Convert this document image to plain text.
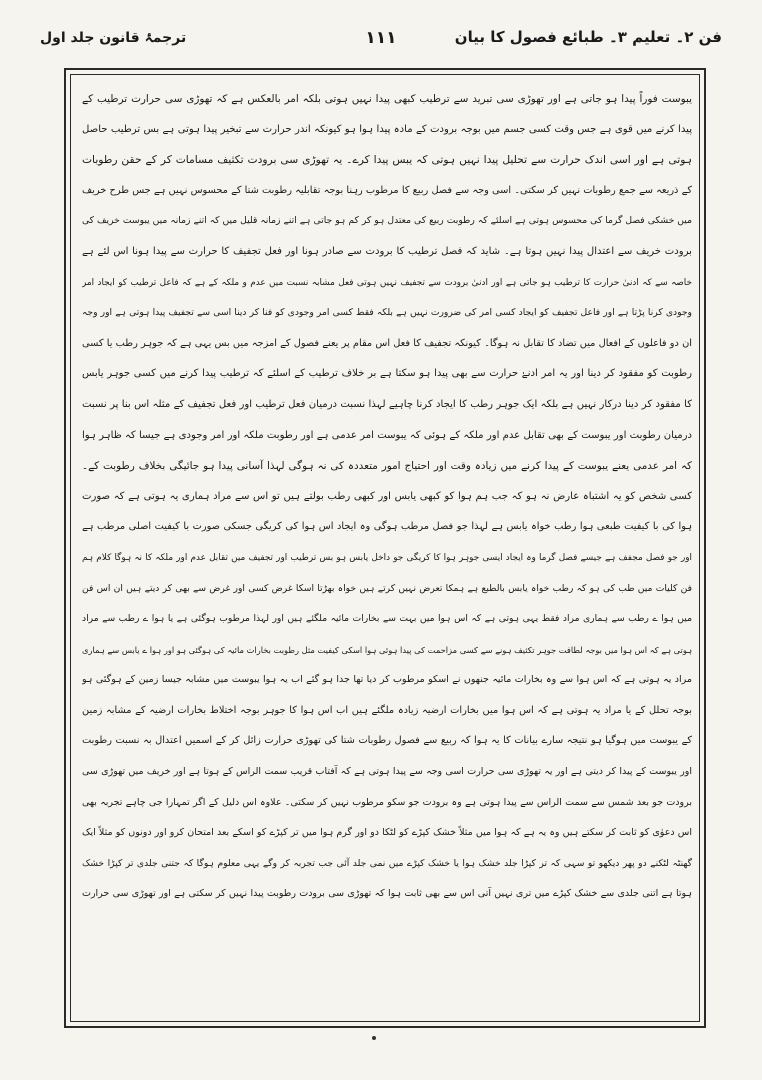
فن ۲۔ تعلیم ۳۔ طبائع فصول کا بیان
۱۱۱
ترجمۂ قانون جلد اول
یبوست فوراً پیدا ہو جاتی ہے اور تھوڑی سی تبرید سے ترطیب کبھی پیدا نہیں ہوتی بلکہ امر بالعکس ہے کہ تھوڑی سی حرارت ترطیب کے
پیدا کرنے میں قوی ہے جس وقت کسی جسم میں بوجہ برودت کے مادہ پیدا ہوا ہو کیونکہ اندر حرارت سے تبخیر پیدا ہوتی ہے بس ترطیب حاصل
ہوتی ہے اور اسی اندک حرارت سے تحلیل پیدا نہیں ہوتی کہ یبس پیدا کرے۔ یہ تھوڑی سی برودت تکثیف مسامات کر کے حقن رطوبات
کے ذریعہ سے جمع رطوبات نہیں کر سکتی۔ اسی وجہ سے فصل ربیع کا مرطوب رہنا بوجہ تقابلیہ رطوبت شتا کے محسوس نہیں ہے جس طرح خریف
میں خشکی فصل گرما کی محسوس ہوتی ہے اسلئے کہ رطوبت ربیع کی معتدل ہو کر کم ہو جاتی ہے اتنے زمانہ قلیل میں کہ اتنے زمانہ میں یبوست خریف کی
برودت خریف سے اعتدال پیدا نہیں ہوتا ہے۔ شاید کہ فصل ترطیب کا برودت سے صادر ہونا اور فعل تجفیف کا حرارت سے پیدا ہونا اس لئے ہے
خاصہ سے کہ ادنیٰ حرارت کا ترطیب ہو جاتی ہے اور ادنیٰ برودت سے تجفیف نہیں ہوتی فعل مشابہ نسبت میں عدم و ملکہ کے ہے کہ فاعل ترطیب کو ایجاد امر
وجودی کرنا پڑتا ہے اور فاعل تجفیف کو ایجاد کسی امر کی ضرورت نہیں ہے بلکہ فقط کسی امر وجودی کو فنا کر دینا اسی سے تجفیف پیدا ہوتی ہے اور وجہ
ان دو فاعلوں کے افعال میں تضاد کا تقابل نہ ہوگا۔ کیونکہ تجفیف کا فعل اس مقام پر یعنے فصول کے امزجہ میں بس یہی ہے کہ جوہر رطب یا کسی
رطوبت کو مفقود کر دینا اور یہ امر ادنےٰ حرارت سے بھی پیدا ہو سکتا ہے بر خلاف ترطیب کے اسلئے کہ ترطیب پیدا کرنے میں کسی جوہر یابس
کا مفقود کر دینا درکار نہیں ہے بلکہ ایک جوہر رطب کا ایجاد کرنا چاہیے لہذا نسبت درمیان فعل ترطیب اور فعل تجفیف کے مثلہ اس بنا پر نسبت
درمیان رطوبت اور یبوست کے بھی تقابل عدم اور ملکہ کے ہوئی کہ یبوست امر عدمی ہے اور رطوبت ملکہ اور امر وجودی ہے جیسا کہ ظاہر ہوا
کہ امر عدمی یعنے یبوست کے پیدا کرنے میں زیادہ وقت اور احتیاج امور متعددہ کی نہ ہوگی لہذا آسانی پیدا ہو جائیگی بخلاف رطوبت کے۔
کسی شخص کو یہ اشتباہ عارض نہ ہو کہ جب ہم ہوا کو کبھی یابس اور کبھی رطب بولتے ہیں تو اس سے مراد ہماری یہ ہوتی ہے کہ صورت
ہوا کی با کیفیت طبعی ہوا رطب خواہ یابس ہے لہذا جو فصل مرطب ہوگی وہ ایجاد اس ہوا کی کریگی جسکی صورت با کیفیت اصلی مرطب ہے
اور جو فصل مجفف ہے جیسے فصل گرما وہ ایجاد ایسی جوہر ہوا کا کریگی جو داخل یابس ہو بس ترطیب اور تجفیف میں تقابل عدم اور ملکہ کا نہ ہوگا کلام ہم
فن کلیات میں طب کی ہو کہ رطب خواہ یابس بالطبع ہے ہمکا تعرض نہیں کرتے ہیں خواہ بھڑتا اسکا غرض کسی اور غرض سے بھی کر دیتے ہیں ان اس فن
میں ہوا ے رطب سے ہماری مراد فقط یہی ہوتی ہے کہ اس ہوا میں بہت سے بخارات مائیہ ملگئے ہیں اور لہذا مرطوب ہوگئی ہے یا ہوا ے رطب سے مراد
ہوتی ہے کہ اس ہوا میں بوجہ لطافت جوہر تکثیف ہونے سے کسی مزاحمت کی پیدا ہوئی ہوا اسکی کیفیت مثل رطوبت بخارات مائیہ کی ہوگئی ہو اور ہوا ے یابس سے ہماری
مراد یہ ہوتی ہے کہ اس ہوا سے وہ بخارات مائیہ جنھوں نے اسکو مرطوب کر دیا تھا جدا ہو گئے اب یہ ہوا یبوست میں مشابہ جیسا زمین کے ہوگئی ہو
بوجہ تحلل کے یا مراد یہ ہوتی ہے کہ اس ہوا میں بخارات ارضیہ زیادہ ملگئے ہیں اب اس ہوا کا جوہر بوجہ اختلاط بخارات ارضیہ کے مشابہ زمین
کے یبوست میں ہوگیا ہو نتیجہ سارے بیانات کا یہ ہوا کہ ربیع سے فصول رطوبات شتا کی تھوڑی حرارت زائل کر کے اسمیں اعتدال بہ نسبت رطوبت
اور یبوست کے پیدا کر دیتی ہے اور یہ تھوڑی سی حرارت اسی وجہ سے پیدا ہوتی ہے کہ آفتاب قریب سمت الراس کے ہوتا ہے اور خریف میں تھوڑی سی
برودت جو بعد شمس سے سمت الراس سے پیدا ہوتی ہے وہ برودت جو سکو مرطوب نہیں کر سکتی۔ علاوہ اس دلیل کے اگر تمہارا جی چاہے تجربہ بھی
اس دعوٰی کو ثابت کر سکتے ہیں وہ یہ ہے کہ ہوا میں مثلاً خشک کپڑے کو لٹکا دو اور گرم ہوا میں تر کپڑے کو اسکے بعد امتحان کرو اور دونوں کو مثلاً ایک
گھنٹہ لٹکنے دو پھر دیکھو تو سہی کہ تر کپڑا جلد خشک ہوا یا خشک کپڑے میں نمی جلد آئی جب تجربہ کر وگے یہی معلوم ہوگا کہ جتنی جلدی تر کپڑا خشک
ہوتا ہے اتنی جلدی سے خشک کپڑے میں تری نہیں آتی اس سے بھی ثابت ہوا کہ تھوڑی سی برودت رطوبت پیدا نہیں کر سکتی ہے اور تھوڑی سی حرارت
